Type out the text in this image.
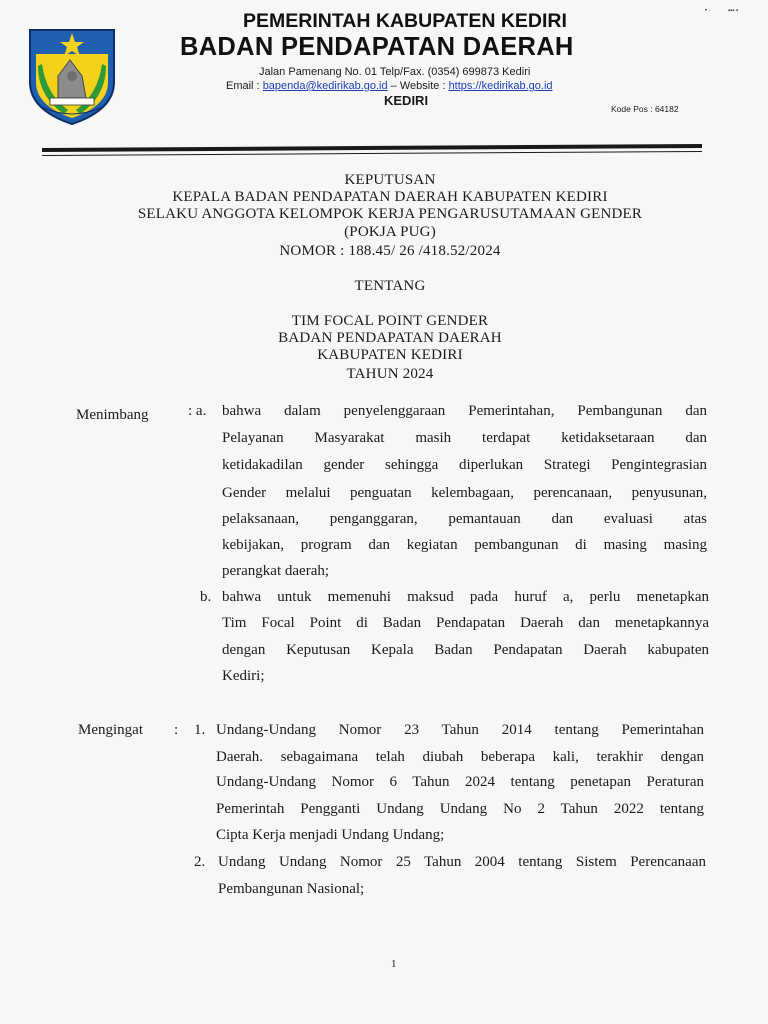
• ·	▪▪▪ ▪
PEMERINTAH KABUPATEN KEDIRI
BADAN PENDAPATAN DAERAH
Jalan Pamenang No. 01 Telp/Fax. (0354) 699873 Kediri
Email : bapenda@kedirikab.go.id – Website : https://kedirikab.go.id
KEDIRI
Kode Pos : 64182
KEPUTUSAN
KEPALA BADAN PENDAPATAN DAERAH KABUPATEN KEDIRI
SELAKU ANGGOTA KELOMPOK KERJA PENGARUSUTAMAAN GENDER
(POKJA PUG)
NOMOR : 188.45/ 26 /418.52/2024
TENTANG
TIM FOCAL POINT GENDER
BADAN PENDAPATAN DAERAH
KABUPATEN KEDIRI
TAHUN 2024
Menimbang	: a. bahwa dalam penyelenggaraan Pemerintahan, Pembangunan dan
Pelayanan Masyarakat masih terdapat ketidaksetaraan dan
ketidakadilan gender sehingga diperlukan Strategi Pengintegrasian
Gender melalui penguatan kelembagaan, perencanaan, penyusunan,
pelaksanaan, penganggaran, pemantauan dan evaluasi atas
kebijakan, program dan kegiatan pembangunan di masing masing
perangkat daerah;
b. bahwa untuk memenuhi maksud pada huruf a, perlu menetapkan
Tim Focal Point di Badan Pendapatan Daerah dan menetapkannya
dengan Keputusan Kepala Badan Pendapatan Daerah kabupaten
Kediri;
Mengingat : 1. Undang-Undang Nomor 23 Tahun 2014 tentang Pemerintahan
Daerah. sebagaimana telah diubah beberapa kali, terakhir dengan
Undang-Undang Nomor 6 Tahun 2024 tentang penetapan Peraturan
Pemerintah Pengganti Undang Undang No 2 Tahun 2022 tentang
Cipta Kerja menjadi Undang Undang;
2. Undang Undang Nomor 25 Tahun 2004 tentang Sistem Perencanaan
Pembangunan Nasional;
1
